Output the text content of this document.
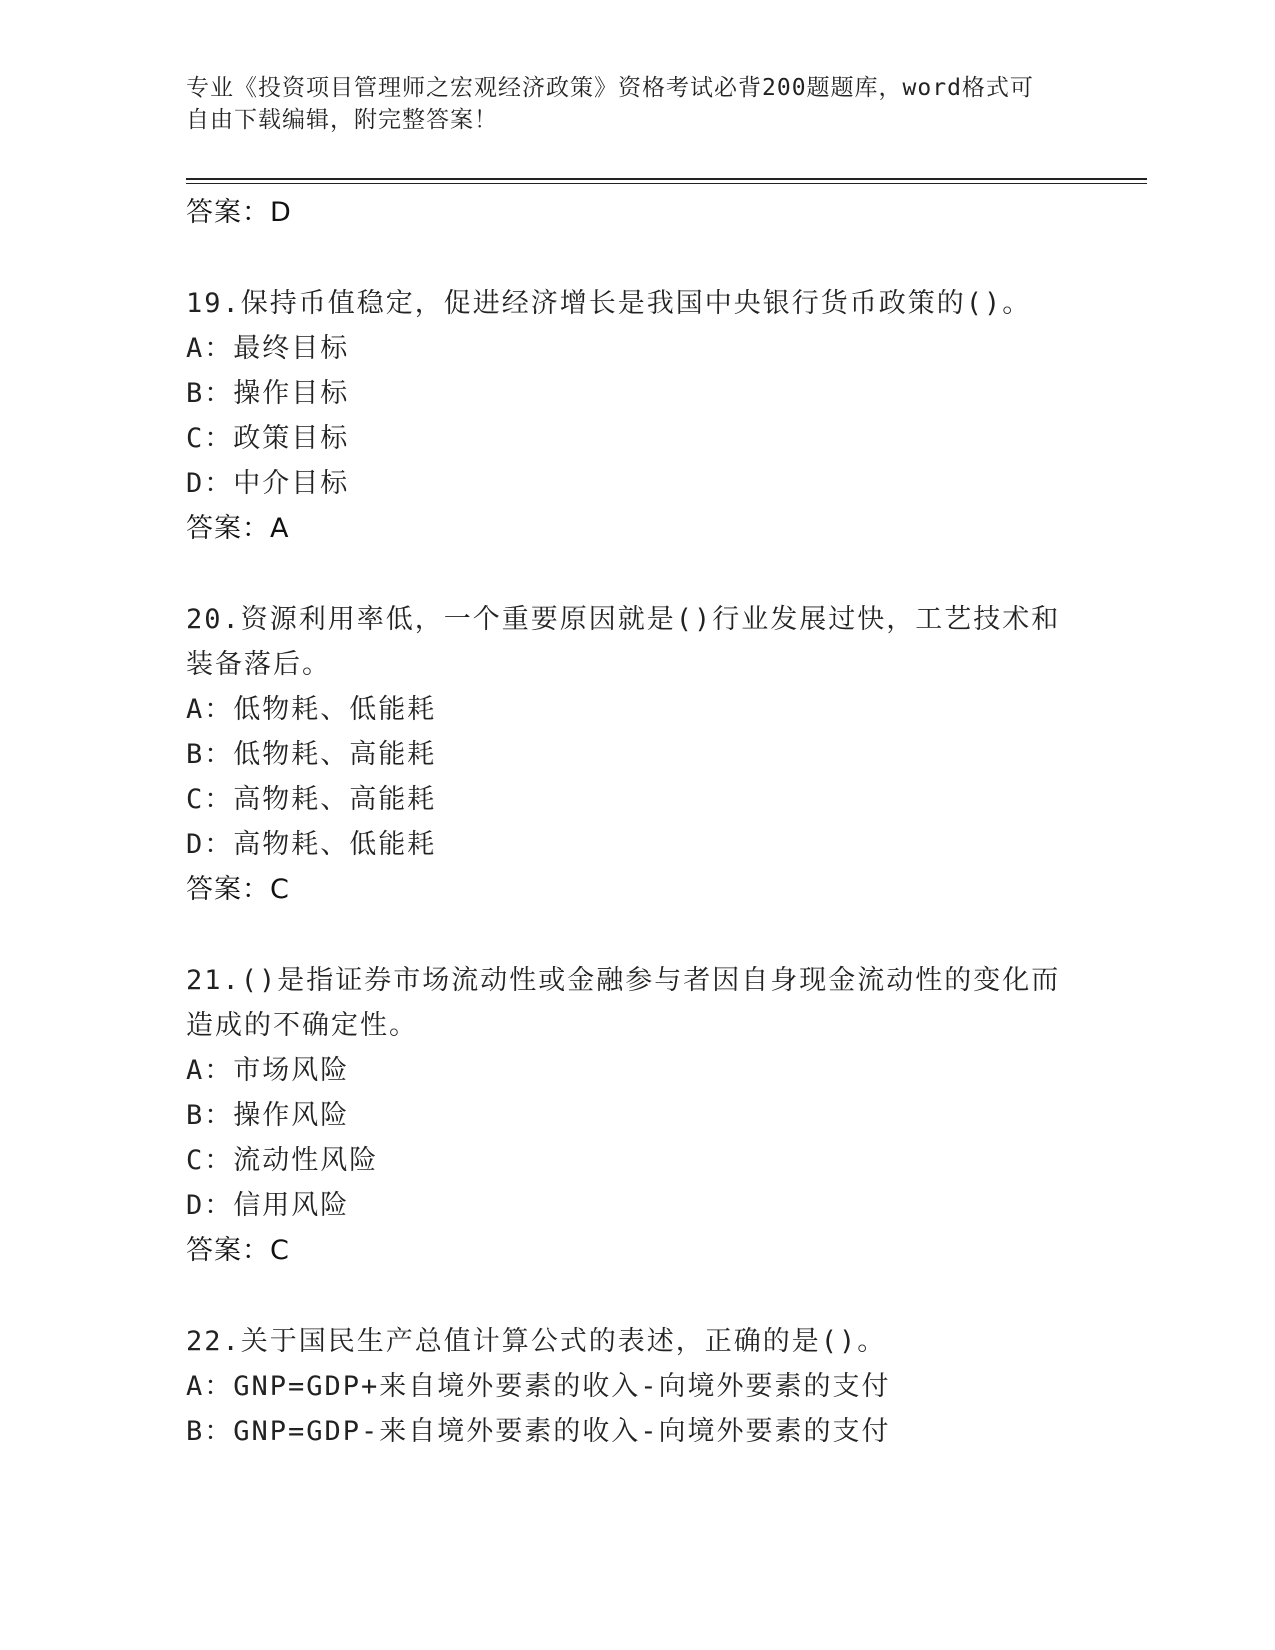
专业《投资项目管理师之宏观经济政策》资格考试必背200题题库，word格式可
自由下载编辑，附完整答案！
答案：D
19.保持币值稳定，促进经济增长是我国中央银行货币政策的()。
A：最终目标
B：操作目标
C：政策目标
D：中介目标
答案：A
20.资源利用率低，一个重要原因就是()行业发展过快，工艺技术和装备落后。
A：低物耗、低能耗
B：低物耗、高能耗
C：高物耗、高能耗
D：高物耗、低能耗
答案：C
21.()是指证券市场流动性或金融参与者因自身现金流动性的变化而造成的不确定性。
A：市场风险
B：操作风险
C：流动性风险
D：信用风险
答案：C
22.关于国民生产总值计算公式的表述，正确的是()。
A：GNP=GDP+来自境外要素的收入-向境外要素的支付
B：GNP=GDP-来自境外要素的收入-向境外要素的支付
